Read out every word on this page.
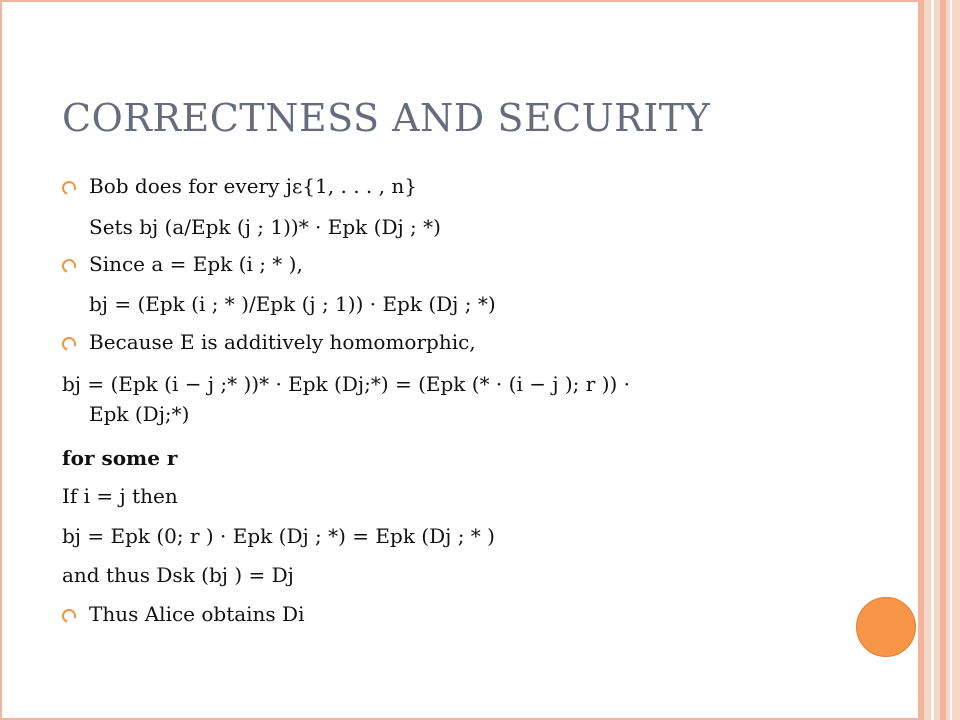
CORRECTNESS AND SECURITY

Bob does for every jε{1, . . . , n}

Sets bj (a/Epk (j ; 1))* · Epk (Dj ; *)

Since a = Epk (i ; * ),

bj = (Epk (i ; * )/Epk (j ; 1)) · Epk (Dj ; *)

Because E is additively homomorphic,

bj = (Epk (i − j ;* ))* · Epk (Dj;*) = (Epk (* · (i − j ); r )) ·

Epk (Dj;*)

for some r

If i = j then

bj = Epk (0; r ) · Epk (Dj ; *) = Epk (Dj ; * )

and thus Dsk (bj ) = Dj

Thus Alice obtains Di
